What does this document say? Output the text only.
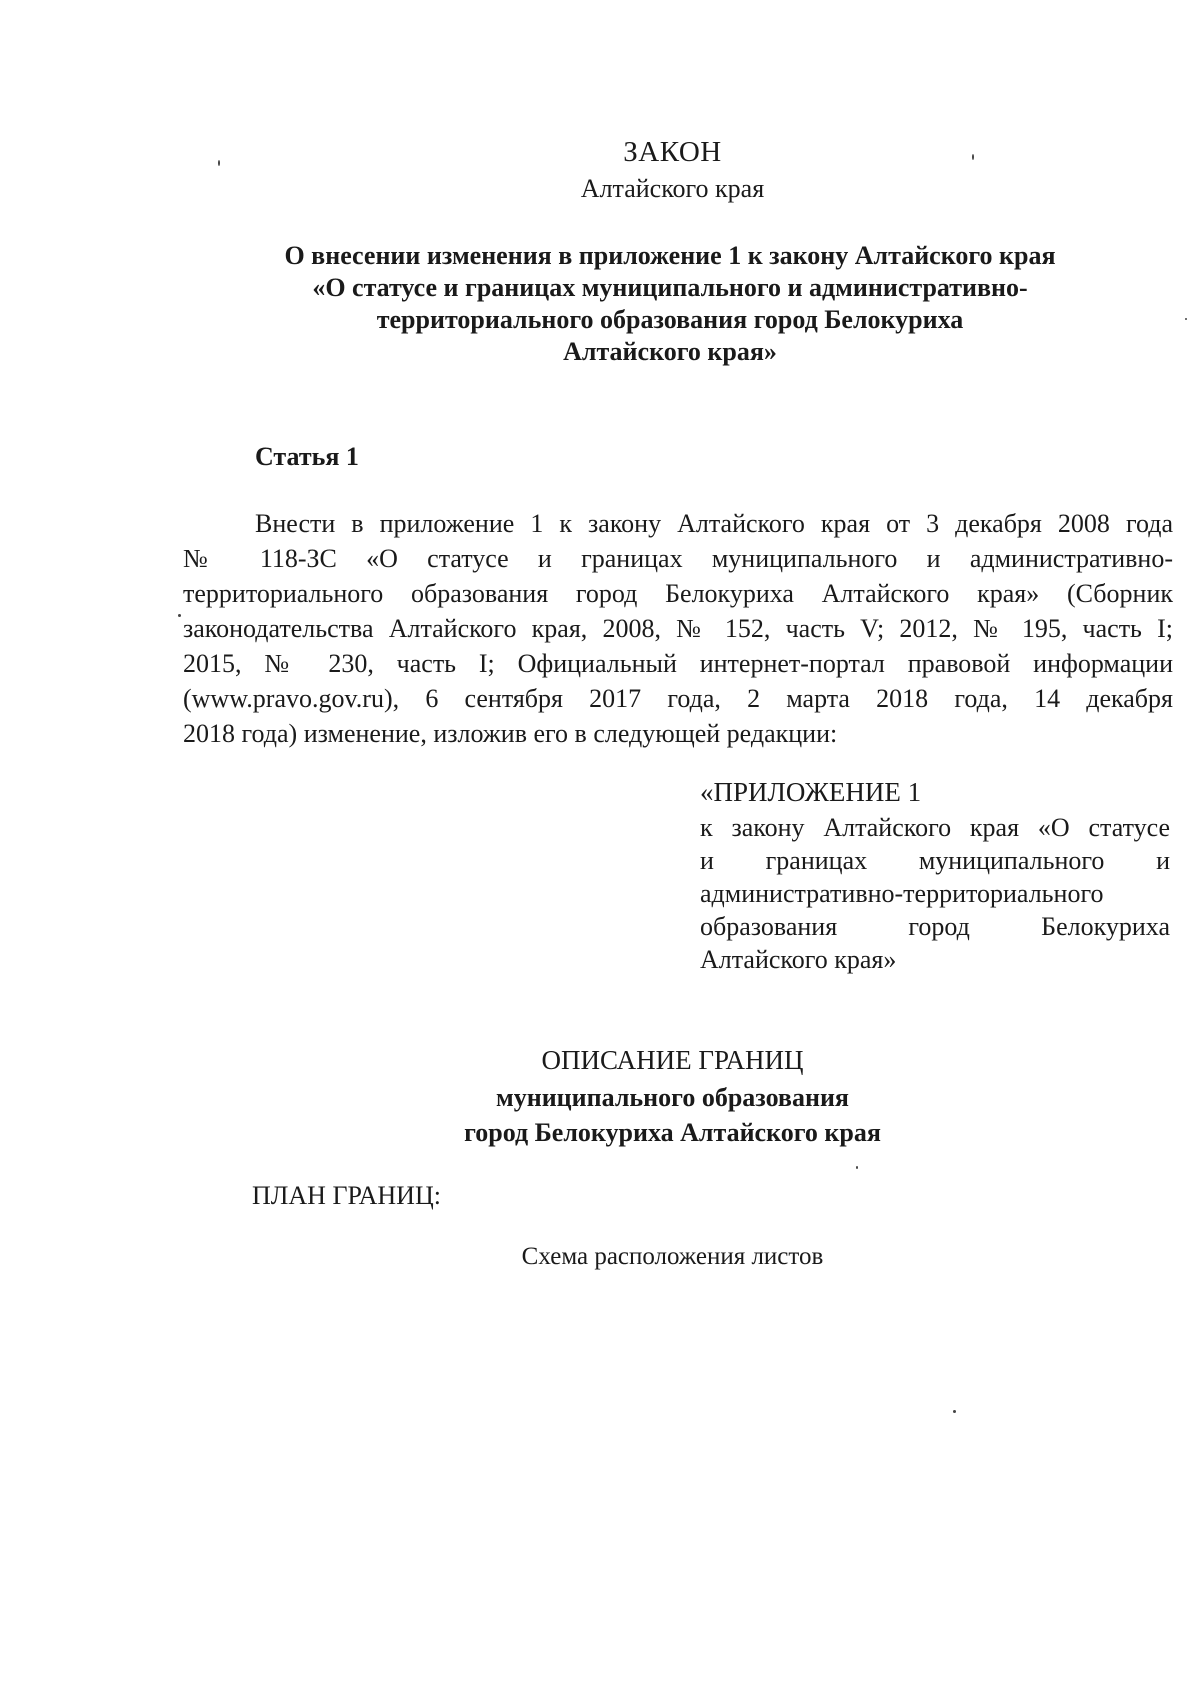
ЗАКОН
Алтайского края
О внесении изменения в приложение 1 к закону Алтайского края
«О статусе и границах муниципального и административно-
территориального образования город Белокуриха
Алтайского края»
Статья 1
Внести в приложение 1 к закону Алтайского края от 3 декабря 2008 года
№ 118-ЗС «О статусе и границах муниципального и административно-
территориального образования город Белокуриха Алтайского края» (Сборник
законодательства Алтайского края, 2008, № 152, часть V; 2012, № 195, часть I;
2015, № 230, часть I; Официальный интернет-портал правовой информации
(www.pravo.gov.ru), 6 сентября 2017 года, 2 марта 2018 года, 14 декабря
2018 года) изменение, изложив его в следующей редакции:
«ПРИЛОЖЕНИЕ 1
к закону Алтайского края «О статусе
и границах муниципального и
административно-территориального
образования город Белокуриха
Алтайского края»
ОПИСАНИЕ ГРАНИЦ
муниципального образования
город Белокуриха Алтайского края
ПЛАН ГРАНИЦ:
Схема расположения листов
